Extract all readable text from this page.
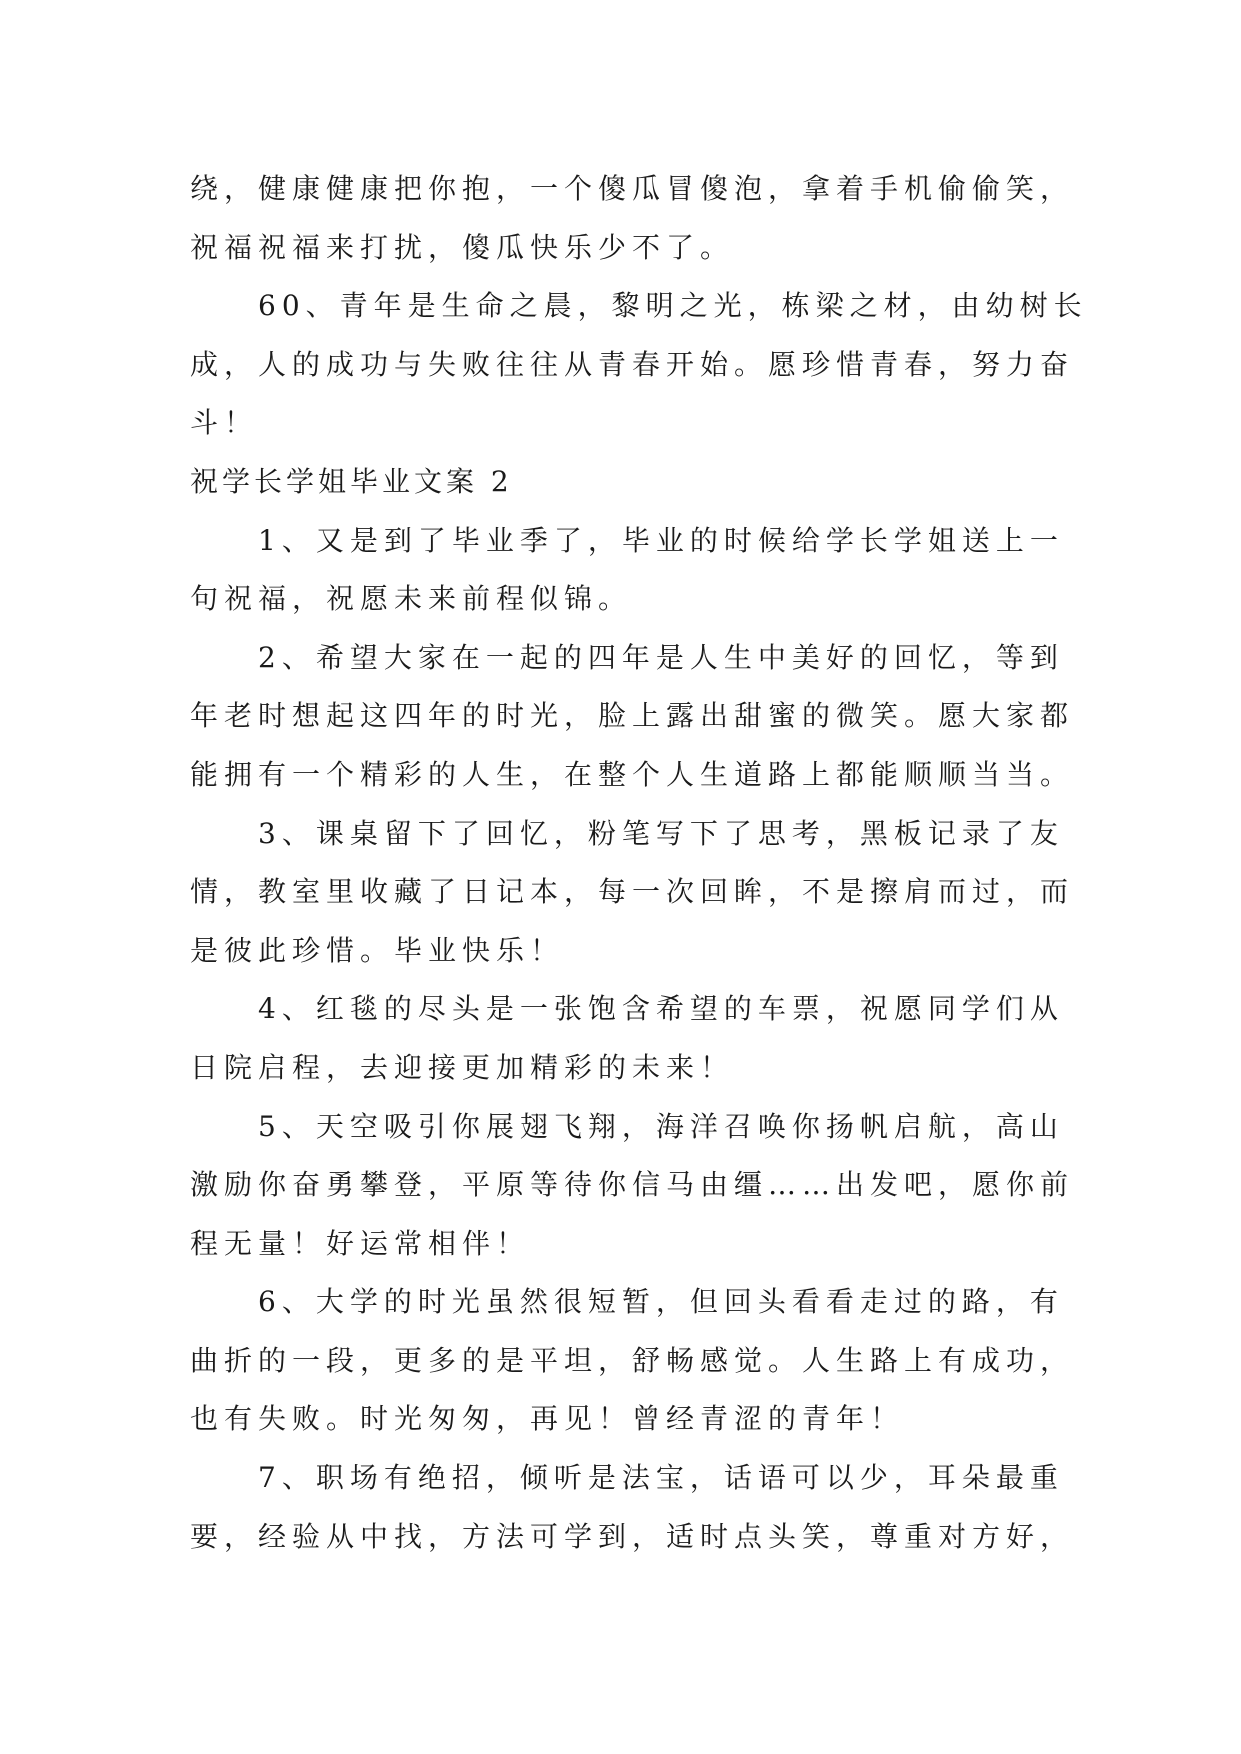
绕，健康健康把你抱，一个傻瓜冒傻泡，拿着手机偷偷笑，
祝福祝福来打扰，傻瓜快乐少不了。
60、青年是生命之晨，黎明之光，栋梁之材，由幼树长
成，人的成功与失败往往从青春开始。愿珍惜青春，努力奋
斗！
祝学长学姐毕业文案 2
1、又是到了毕业季了，毕业的时候给学长学姐送上一
句祝福，祝愿未来前程似锦。
2、希望大家在一起的四年是人生中美好的回忆，等到
年老时想起这四年的时光，脸上露出甜蜜的微笑。愿大家都
能拥有一个精彩的人生，在整个人生道路上都能顺顺当当。
3、课桌留下了回忆，粉笔写下了思考，黑板记录了友
情，教室里收藏了日记本，每一次回眸，不是擦肩而过，而
是彼此珍惜。毕业快乐！
4、红毯的尽头是一张饱含希望的车票，祝愿同学们从
日院启程，去迎接更加精彩的未来！
5、天空吸引你展翅飞翔，海洋召唤你扬帆启航，高山
激励你奋勇攀登，平原等待你信马由缰……出发吧，愿你前
程无量！好运常相伴！
6、大学的时光虽然很短暂，但回头看看走过的路，有
曲折的一段，更多的是平坦，舒畅感觉。人生路上有成功，
也有失败。时光匆匆，再见！曾经青涩的青年！
7、职场有绝招，倾听是法宝，话语可以少，耳朵最重
要，经验从中找，方法可学到，适时点头笑，尊重对方好，
